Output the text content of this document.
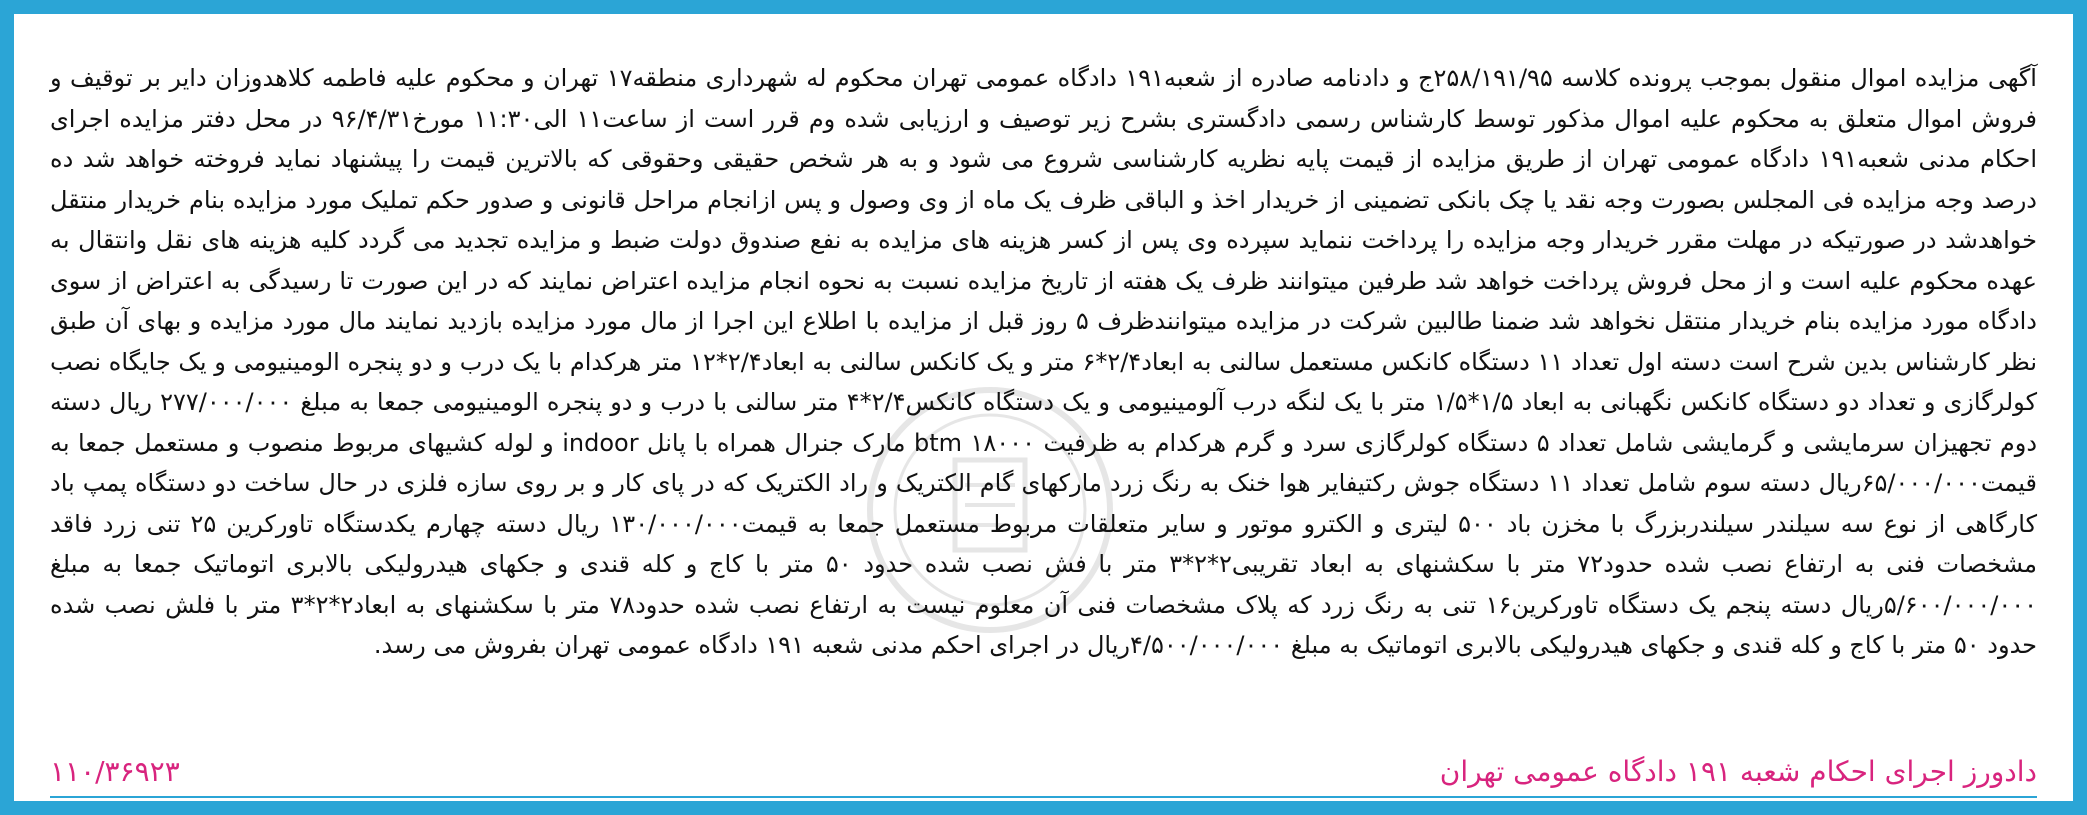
آگهی مزایده اموال منقول بموجب پرونده کلاسه ۲۵۸/۱۹۱/۹۵ج و دادنامه صادره از شعبه۱۹۱ دادگاه عمومی تهران محکوم له شهرداری منطقه۱۷ تهران و محکوم علیه فاطمه کلاهدوزان دایر بر توقیف و فروش اموال متعلق به محکوم علیه اموال مذکور توسط کارشناس رسمی دادگستری بشرح زیر توصیف و ارزیابی شده وم قرر است از ساعت۱۱ الی۱۱:۳۰ مورخ۹۶/۴/۳۱ در محل دفتر مزایده اجرای احکام مدنی شعبه۱۹۱ دادگاه عمومی تهران از طریق مزایده از قیمت پایه نظریه کارشناسی شروع می شود و به هر شخص حقیقی وحقوقی که بالاترین قیمت را پیشنهاد نماید فروخته خواهد شد ده درصد وجه مزایده فی المجلس بصورت وجه نقد یا چک بانکی تضمینی از خریدار اخذ و الباقی ظرف یک ماه از وی وصول و پس ازانجام مراحل قانونی و صدور حکم تملیک مورد مزایده بنام خریدار منتقل خواهدشد در صورتیکه در مهلت مقرر خریدار وجه مزایده را پرداخت ننماید سپرده وی پس از کسر هزینه های مزایده به نفع صندوق دولت ضبط و مزایده تجدید می گردد کلیه هزینه های نقل وانتقال به عهده محکوم علیه است و از محل فروش پرداخت خواهد شد طرفین میتوانند ظرف یک هفته از تاریخ مزایده نسبت به نحوه انجام مزایده اعتراض نمایند که در این صورت تا رسیدگی به اعتراض از سوی دادگاه مورد مزایده بنام خریدار منتقل نخواهد شد ضمنا طالبین شرکت در مزایده میتوانندظرف ۵ روز قبل از مزایده با اطلاع این اجرا از مال مورد مزایده بازدید نمایند مال مورد مزایده و بهای آن طبق نظر کارشناس بدین شرح است دسته اول تعداد ۱۱ دستگاه کانکس مستعمل سالنی به ابعاد۲/۴*۶ متر و یک کانکس سالنی به ابعاد۲/۴*۱۲ متر هرکدام با یک درب و دو پنجره الومینیومی و یک جایگاه نصب کولرگازی و تعداد دو دستگاه کانکس نگهبانی به ابعاد ۱/۵*۱/۵ متر با یک لنگه درب آلومینیومی و یک دستگاه کانکس۲/۴*۴ متر سالنی با درب و دو پنجره الومینیومی جمعا به مبلغ ۲۷۷/۰۰۰/۰۰۰ ریال دسته دوم تجهیزان سرمایشی و گرمایشی شامل تعداد ۵ دستگاه کولرگازی سرد و گرم هرکدام به ظرفیت btm ۱۸۰۰۰ مارک جنرال همراه با پانل indoor و لوله کشیهای مربوط منصوب و مستعمل جمعا به قیمت۶۵/۰۰۰/۰۰۰ریال دسته سوم شامل تعداد ۱۱ دستگاه جوش رکتیفایر هوا خنک به رنگ زرد مارکهای گام الکتریک و راد الکتریک که در پای کار و بر روی سازه فلزی در حال ساخت دو دستگاه پمپ باد کارگاهی از نوع سه سیلندر سیلندربزرگ با مخزن باد ۵۰۰ لیتری و الکترو موتور و سایر متعلقات مربوط مستعمل جمعا به قیمت۱۳۰/۰۰۰/۰۰۰ ریال دسته چهارم یکدستگاه تاورکرین ۲۵ تنی زرد فاقد مشخصات فنی به ارتفاع نصب شده حدود۷۲ متر با سکشنهای به ابعاد تقریبی۲*۲*۳ متر با فش نصب شده حدود ۵۰ متر با کاج و کله قندی و جکهای هیدرولیکی بالابری اتوماتیک جمعا به مبلغ ۵/۶۰۰/۰۰۰/۰۰۰ریال دسته پنجم یک دستگاه تاورکرین۱۶ تنی به رنگ زرد که پلاک مشخصات فنی آن معلوم نیست به ارتفاع نصب شده حدود۷۸ متر با سکشنهای به ابعاد۲*۲*۳ متر با فلش نصب شده حدود ۵۰ متر با کاج و کله قندی و جکهای هیدرولیکی بالابری اتوماتیک به مبلغ ۴/۵۰۰/۰۰۰/۰۰۰ریال در اجرای احکم مدنی شعبه ۱۹۱ دادگاه عمومی تهران بفروش می رسد.
دادورز اجرای احکام شعبه ۱۹۱ دادگاه عمومی تهران
۱۱۰/۳۶۹۲۳
